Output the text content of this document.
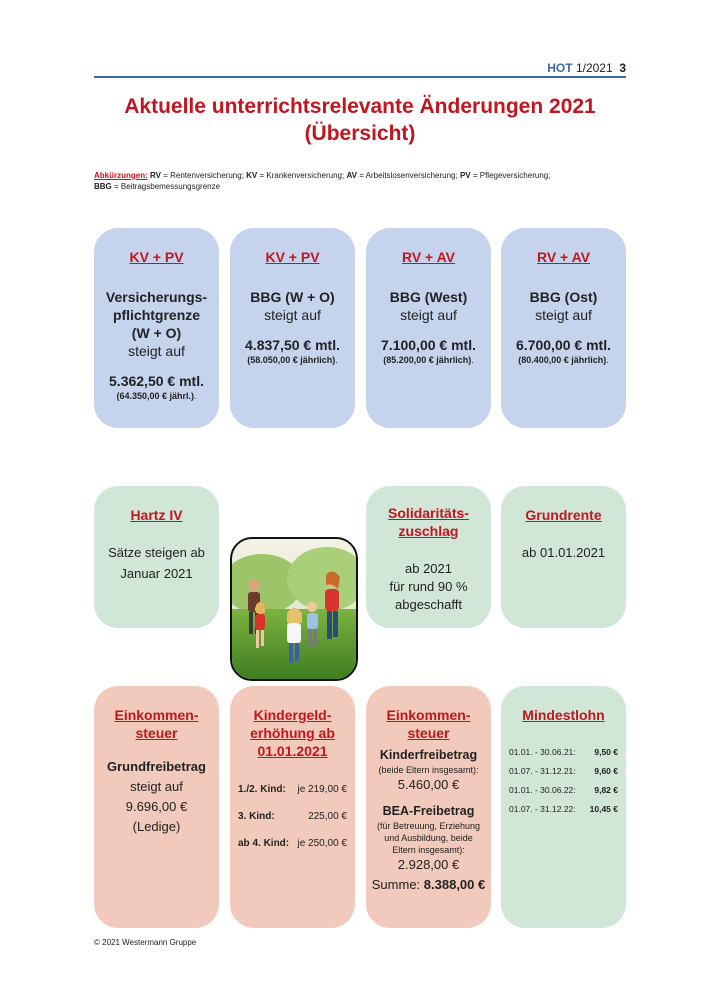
HOT 1/2021 3
Aktuelle unterrichtsrelevante Änderungen 2021
(Übersicht)
Abkürzungen: RV = Rentenversicherung; KV = Krankenversicherung; AV = Arbeitslosenversicherung; PV = Pflegeversicherung;
BBG = Beitragsbemessungsgrenze
KV + PV
Versicherungs-
pflichtgrenze
(W + O)
steigt auf
5.362,50 € mtl.
(64.350,00 € jährl.).
KV + PV
BBG (W + O)
steigt auf
4.837,50 € mtl.
(58.050,00 € jährlich).
RV + AV
BBG (West)
steigt auf
7.100,00 € mtl.
(85.200,00 € jährlich).
RV + AV
BBG (Ost)
steigt auf
6.700,00 € mtl.
(80.400,00 € jährlich).
Hartz IV
Sätze steigen ab
Januar 2021
Solidaritäts-
zuschlag
ab 2021
für rund 90 %
abgeschafft
Grundrente
ab 01.01.2021
Einkommen-
steuer
Grundfreibetrag
steigt auf
9.696,00 €
(Ledige)
Kindergeld-
erhöhung ab
01.01.2021
1./2. Kind: je 219,00 €
3. Kind:	225,00 €
ab 4. Kind: je 250,00 €
Einkommen-
steuer
Kinderfreibetrag
(beide Eltern insgesamt):
5.460,00 €
BEA-Freibetrag
(für Betreuung, Erziehung
und Ausbildung, beide
Eltern insgesamt):
2.928,00 €
Summe: 8.388,00 €
Mindestlohn
01.01. - 30.06.21: 9,50 €
01.07. - 31.12.21: 9,60 €
01.01. - 30.06.22: 9,82 €
01.07. - 31.12.22: 10,45 €
© 2021 Westermann Gruppe
